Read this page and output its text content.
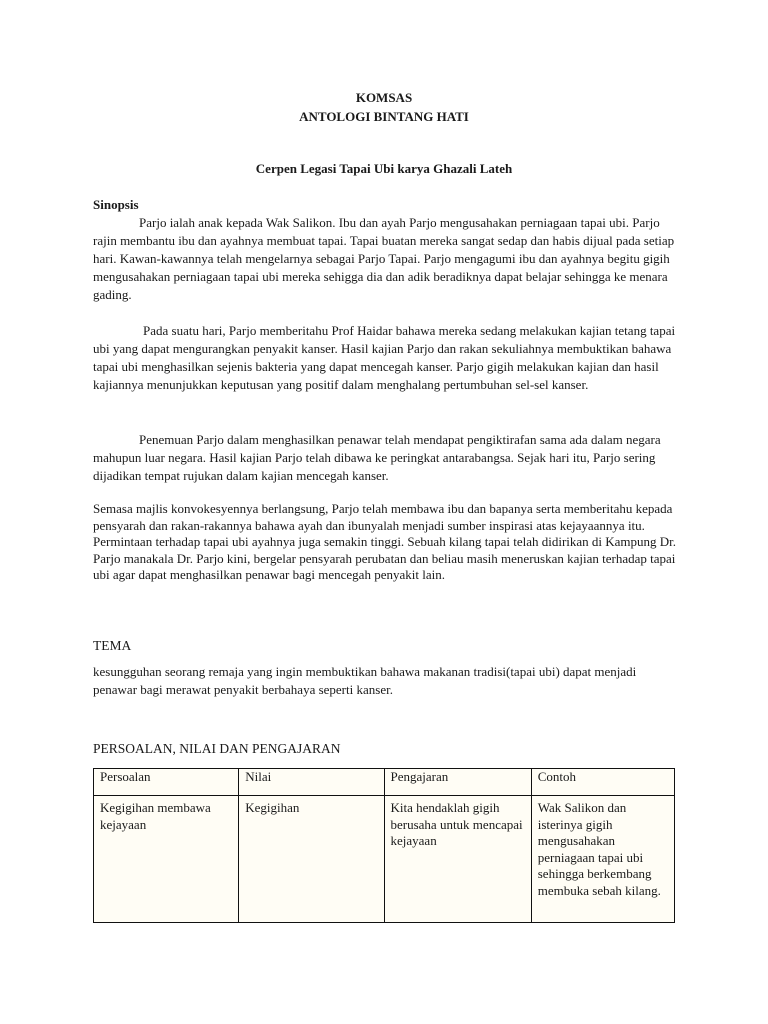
KOMSAS
ANTOLOGI BINTANG HATI
Cerpen Legasi Tapai Ubi karya Ghazali Lateh
Sinopsis

Parjo ialah anak kepada Wak Salikon. Ibu dan ayah Parjo mengusahakan perniagaan tapai ubi. Parjo rajin membantu ibu dan ayahnya membuat tapai. Tapai buatan mereka sangat sedap dan habis dijual pada setiap hari. Kawan-kawannya telah mengelarnya sebagai Parjo Tapai. Parjo mengagumi ibu dan ayahnya begitu gigih mengusahakan perniagaan tapai ubi mereka sehigga dia dan adik beradiknya dapat belajar sehingga ke menara gading.

Pada suatu hari, Parjo memberitahu Prof Haidar bahawa mereka sedang melakukan kajian tetang tapai ubi yang dapat mengurangkan penyakit kanser. Hasil kajian Parjo dan rakan sekuliahnya membuktikan bahawa tapai ubi menghasilkan sejenis bakteria yang dapat mencegah kanser. Parjo gigih melakukan kajian dan hasil kajiannya menunjukkan keputusan yang positif dalam menghalang pertumbuhan sel-sel kanser.

Penemuan Parjo dalam menghasilkan penawar telah mendapat pengiktirafan sama ada dalam negara mahupun luar negara. Hasil kajian Parjo telah dibawa ke peringkat antarabangsa. Sejak hari itu, Parjo sering dijadikan tempat rujukan dalam kajian mencegah kanser.

Semasa majlis konvokesyennya berlangsung, Parjo telah membawa ibu dan bapanya serta memberitahu kepada pensyarah dan rakan-rakannya bahawa ayah dan ibunyalah menjadi sumber inspirasi atas kejayaannya itu. Permintaan terhadap tapai ubi ayahnya juga semakin tinggi. Sebuah kilang tapai telah didirikan di Kampung Dr. Parjo manakala Dr. Parjo kini, bergelar pensyarah perubatan dan beliau masih meneruskan kajian terhadap tapai ubi agar dapat menghasilkan penawar bagi mencegah penyakit lain.

TEMA

kesungguhan seorang remaja yang ingin membuktikan bahawa makanan tradisi(tapai ubi) dapat menjadi penawar bagi merawat penyakit berbahaya seperti kanser.

PERSOALAN, NILAI DAN PENGAJARAN
Persoalan	Nilai	Pengajaran	Contoh
Kegigihan membawa kejayaan	Kegigihan	Kita hendaklah gigih berusaha untuk mencapai kejayaan	Wak Salikon dan isterinya gigih mengusahakan perniagaan tapai ubi sehingga berkembang membuka sebah kilang.
